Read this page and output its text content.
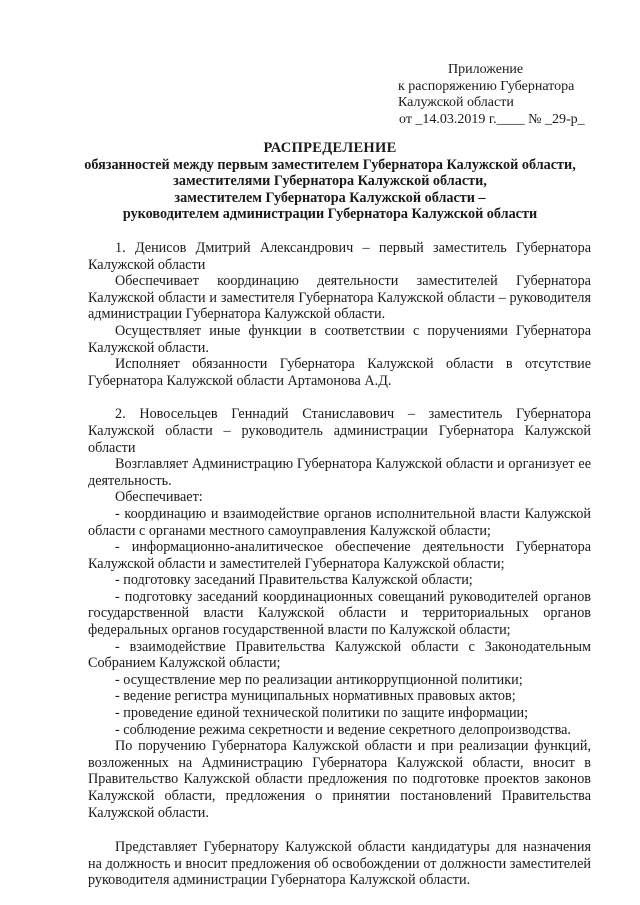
Приложение
к распоряжению Губернатора
Калужской области
от _14.03.2019 г.____ № _29-р_
РАСПРЕДЕЛЕНИЕ
обязанностей между первым заместителем Губернатора Калужской области,
заместителями Губернатора Калужской области,
заместителем Губернатора Калужской области –
руководителем администрации Губернатора Калужской области

1. Денисов Дмитрий Александрович – первый заместитель Губернатора Калужской области

Обеспечивает координацию деятельности заместителей Губернатора Калужской области и заместителя Губернатора Калужской области – руководителя администрации Губернатора Калужской области.

Осуществляет иные функции в соответствии с поручениями Губернатора Калужской области.

Исполняет обязанности Губернатора Калужской области в отсутствие Губернатора Калужской области Артамонова А.Д.

2. Новосельцев Геннадий Станиславович – заместитель Губернатора Калужской области – руководитель администрации Губернатора Калужской области

Возглавляет Администрацию Губернатора Калужской области и организует ее деятельность.

Обеспечивает:

- координацию и взаимодействие органов исполнительной власти Калужской области с органами местного самоуправления Калужской области;

- информационно-аналитическое обеспечение деятельности Губернатора Калужской области и заместителей Губернатора Калужской области;

- подготовку заседаний Правительства Калужской области;

- подготовку заседаний координационных совещаний руководителей органов государственной власти Калужской области и территориальных органов федеральных органов государственной власти по Калужской области;

- взаимодействие Правительства Калужской области с Законодательным Собранием Калужской области;

- осуществление мер по реализации антикоррупционной политики;

- ведение регистра муниципальных нормативных правовых актов;

- проведение единой технической политики по защите информации;

- соблюдение режима секретности и ведение секретного делопроизводства.

По поручению Губернатора Калужской области и при реализации функций, возложенных на Администрацию Губернатора Калужской области, вносит в Правительство Калужской области предложения по подготовке проектов законов Калужской области, предложения о принятии постановлений Правительства Калужской области.

Представляет Губернатору Калужской области кандидатуры для назначения на должность и вносит предложения об освобождении от должности заместителей руководителя администрации Губернатора Калужской области.
